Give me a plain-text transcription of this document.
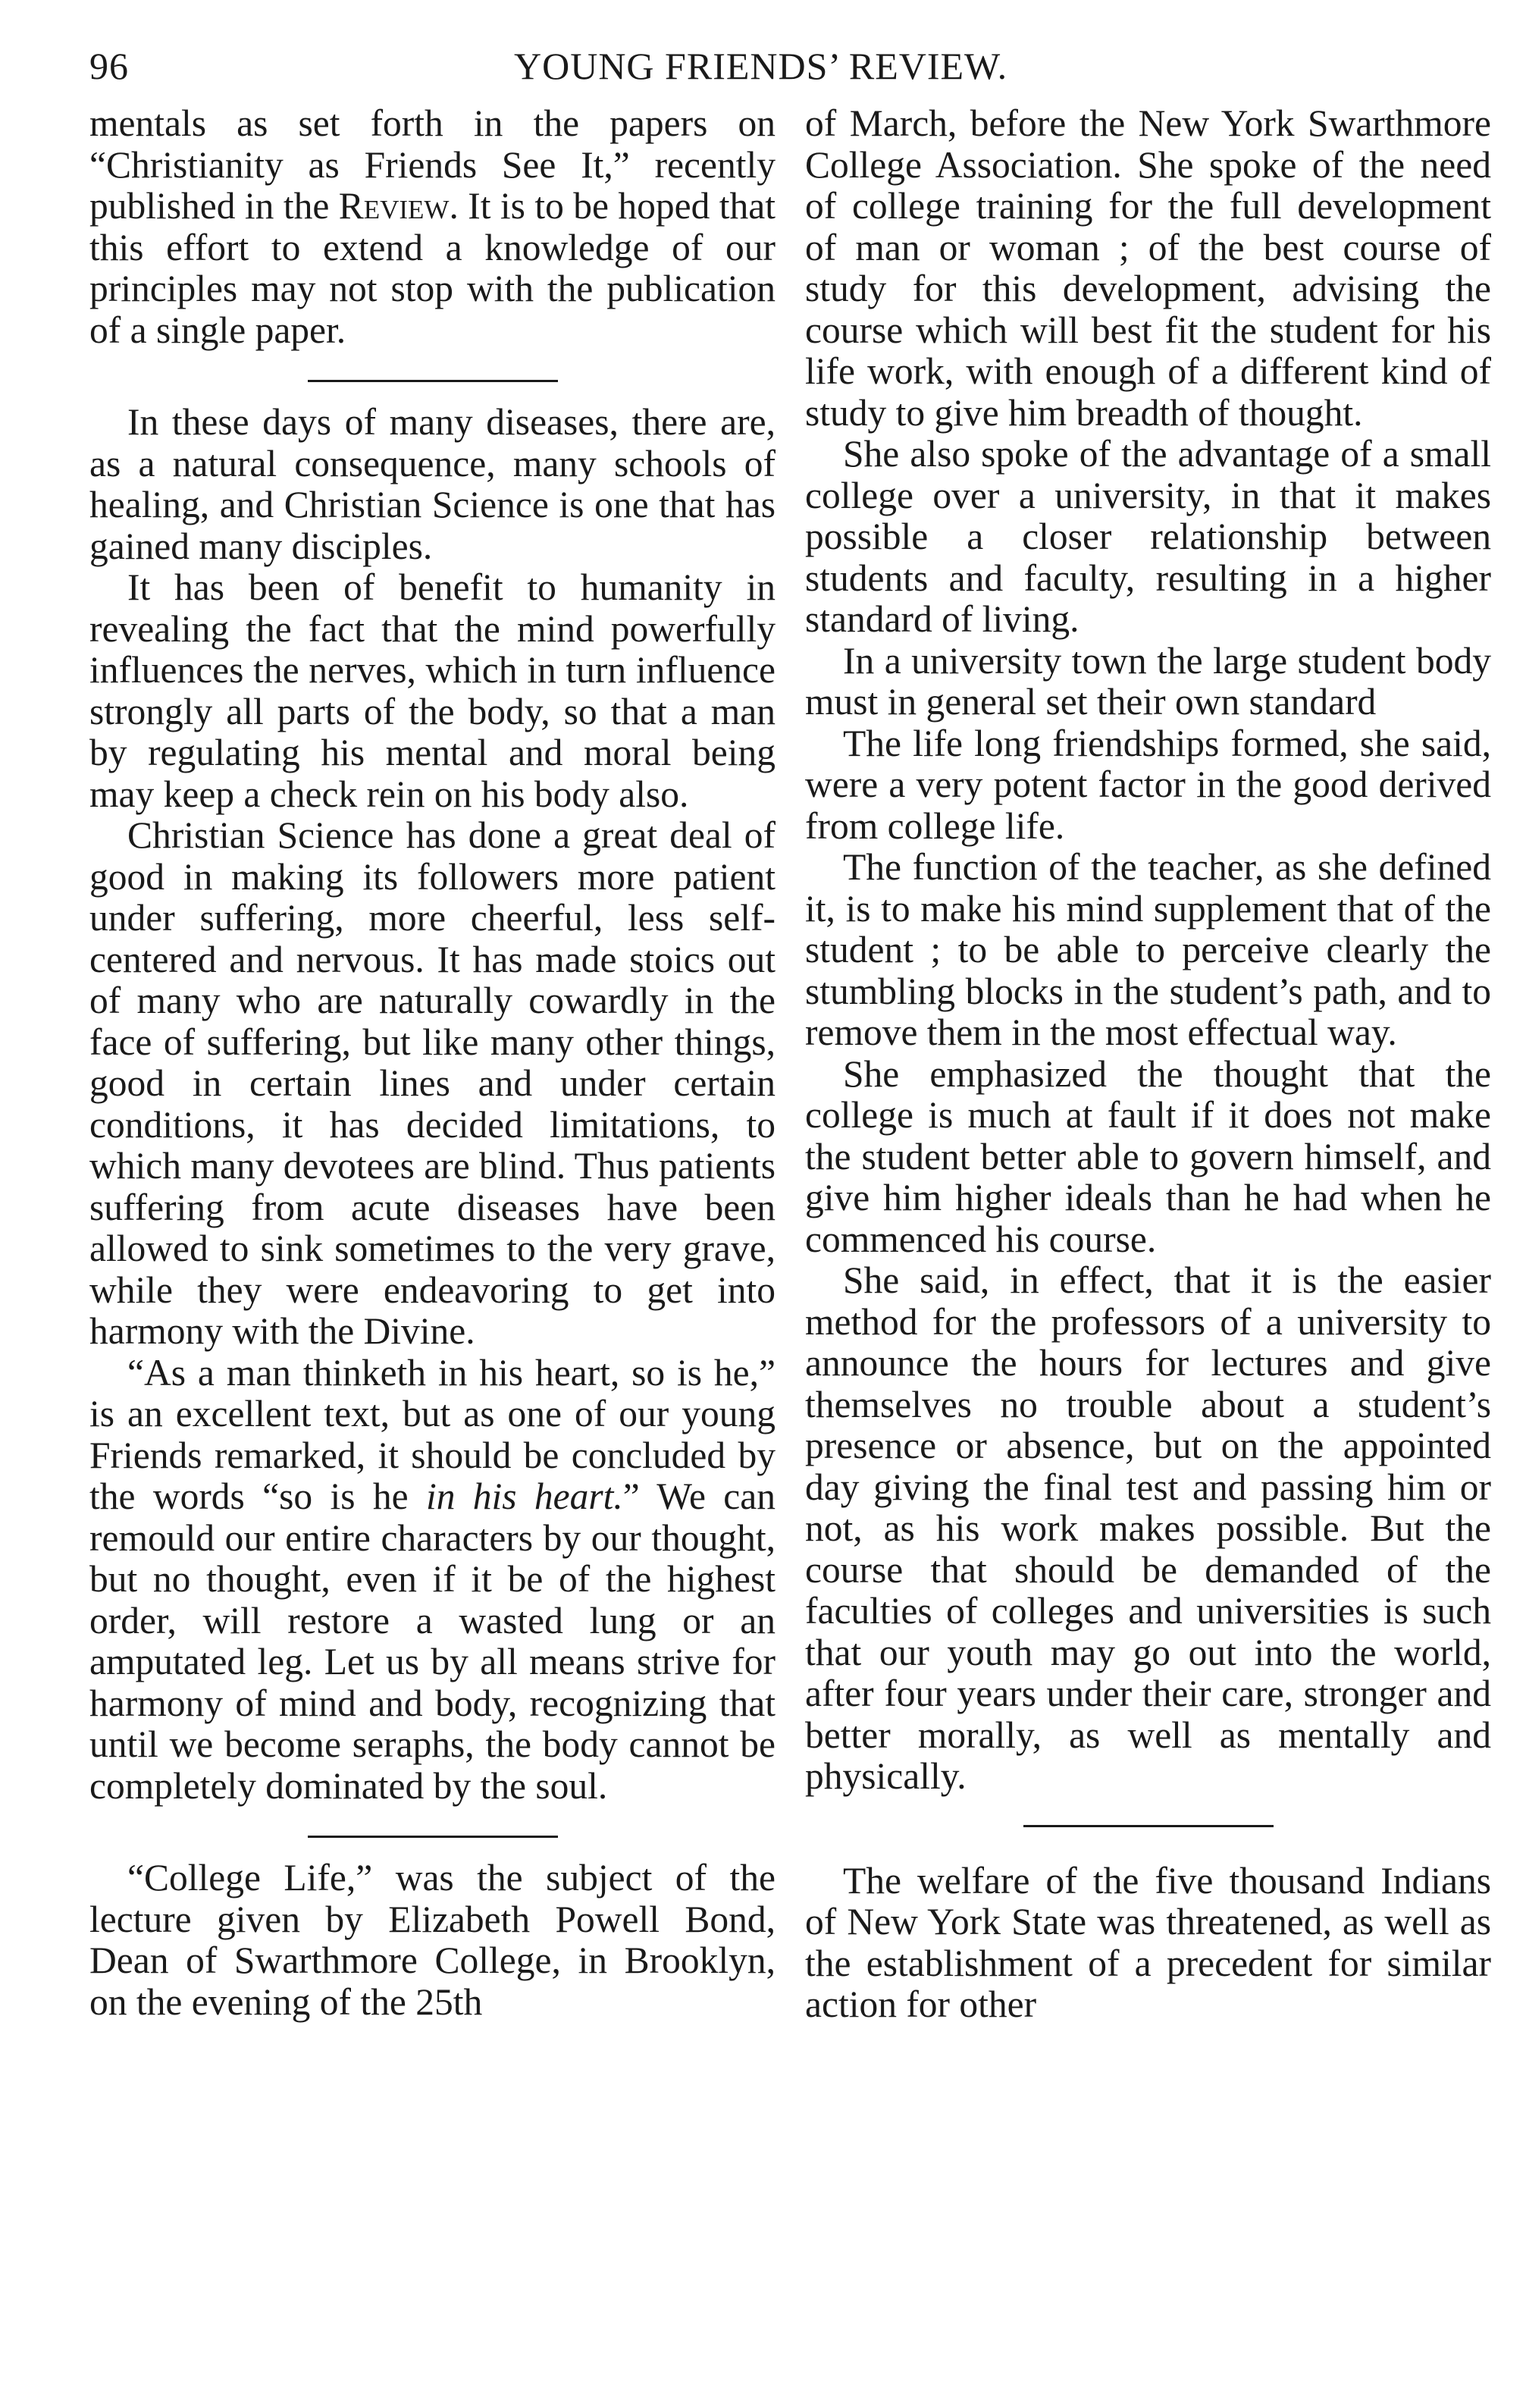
96	YOUNG FRIENDS’ REVIEW.

mentals as set forth in the papers on “Christianity as Friends See It,” recently published in the Review. It is to be hoped that this effort to extend a knowledge of our principles may not stop with the publication of a single paper.

In these days of many diseases, there are, as a natural consequence, many schools of healing, and Christian Science is one that has gained many disciples.

It has been of benefit to humanity in revealing the fact that the mind powerfully influences the nerves, which in turn influence strongly all parts of the body, so that a man by regulating his mental and moral being may keep a check rein on his body also.

Christian Science has done a great deal of good in making its followers more patient under suffering, more cheerful, less self-centered and nervous. It has made stoics out of many who are naturally cowardly in the face of suffering, but like many other things, good in certain lines and under certain conditions, it has decided limitations, to which many devotees are blind. Thus patients suffering from acute diseases have been allowed to sink sometimes to the very grave, while they were endeavoring to get into harmony with the Divine.

“As a man thinketh in his heart, so is he,” is an excellent text, but as one of our young Friends remarked, it should be concluded by the words “so is he in his heart.” We can remould our entire characters by our thought, but no thought, even if it be of the highest order, will restore a wasted lung or an amputated leg. Let us by all means strive for harmony of mind and body, recognizing that until we become seraphs, the body cannot be completely dominated by the soul.

“College Life,” was the subject of the lecture given by Elizabeth Powell Bond, Dean of Swarthmore College, in Brooklyn, on the evening of the 25th

of March, before the New York Swarthmore College Association. She spoke of the need of college training for the full development of man or woman ; of the best course of study for this development, advising the course which will best fit the student for his life work, with enough of a different kind of study to give him breadth of thought.

She also spoke of the advantage of a small college over a university, in that it makes possible a closer relationship between students and faculty, resulting in a higher standard of living.

In a university town the large student body must in general set their own standard

The life long friendships formed, she said, were a very potent factor in the good derived from college life.

The function of the teacher, as she defined it, is to make his mind supplement that of the student ; to be able to perceive clearly the stumbling blocks in the student’s path, and to remove them in the most effectual way.

She emphasized the thought that the college is much at fault if it does not make the student better able to govern himself, and give him higher ideals than he had when he commenced his course.

She said, in effect, that it is the easier method for the professors of a university to announce the hours for lectures and give themselves no trouble about a student’s presence or absence, but on the appointed day giving the final test and passing him or not, as his work makes possible. But the course that should be demanded of the faculties of colleges and universities is such that our youth may go out into the world, after four years under their care, stronger and better morally, as well as mentally and physically.

The welfare of the five thousand Indians of New York State was threatened, as well as the establishment of a precedent for similar action for other
